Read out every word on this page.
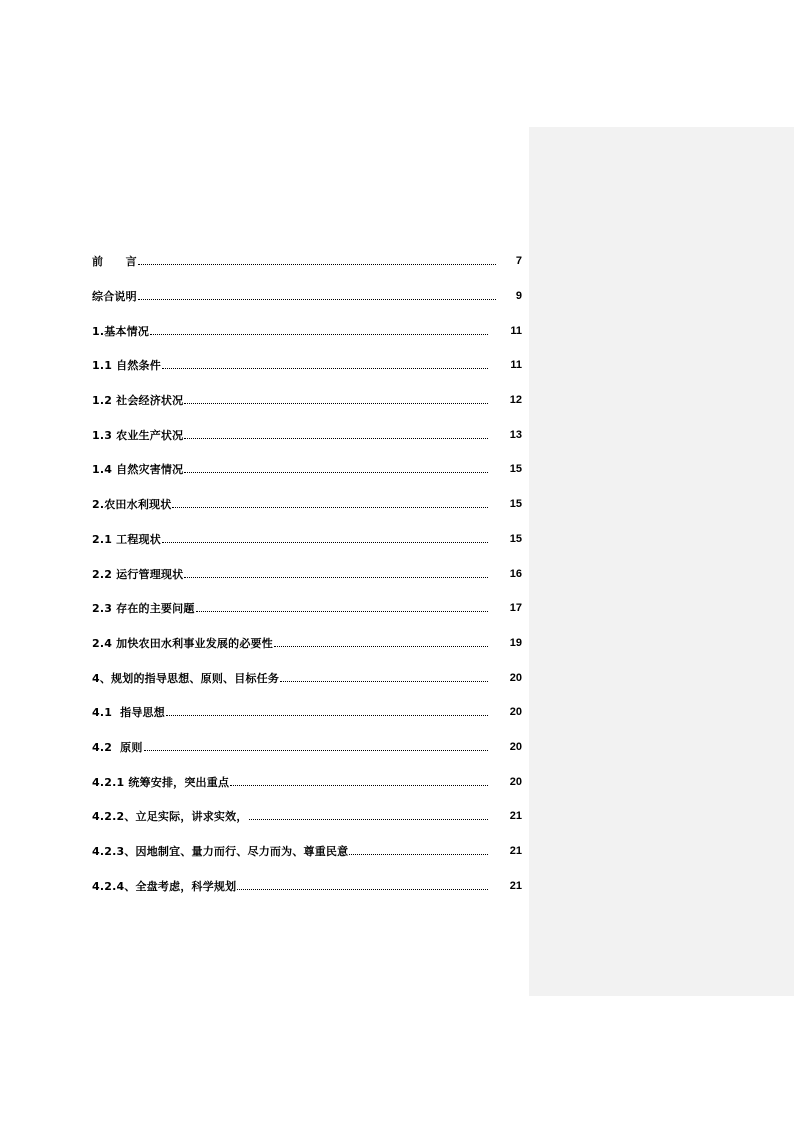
前　　言	7
综合说明	9
1.基本情况	11
1.1 自然条件	11
1.2 社会经济状况	12
1.3 农业生产状况	13
1.4 自然灾害情况	15
2.农田水利现状	15
2.1 工程现状	15
2.2 运行管理现状	16
2.3 存在的主要问题	17
2.4 加快农田水利事业发展的必要性	19
4、规划的指导思想、原则、目标任务	20
4.1  指导思想	20
4.2  原则	20
4.2.1 统筹安排，突出重点	20
4.2.2、立足实际，讲求实效，	21
4.2.3、因地制宜、量力而行、尽力而为、尊重民意	21
4.2.4、全盘考虑，科学规划	21
